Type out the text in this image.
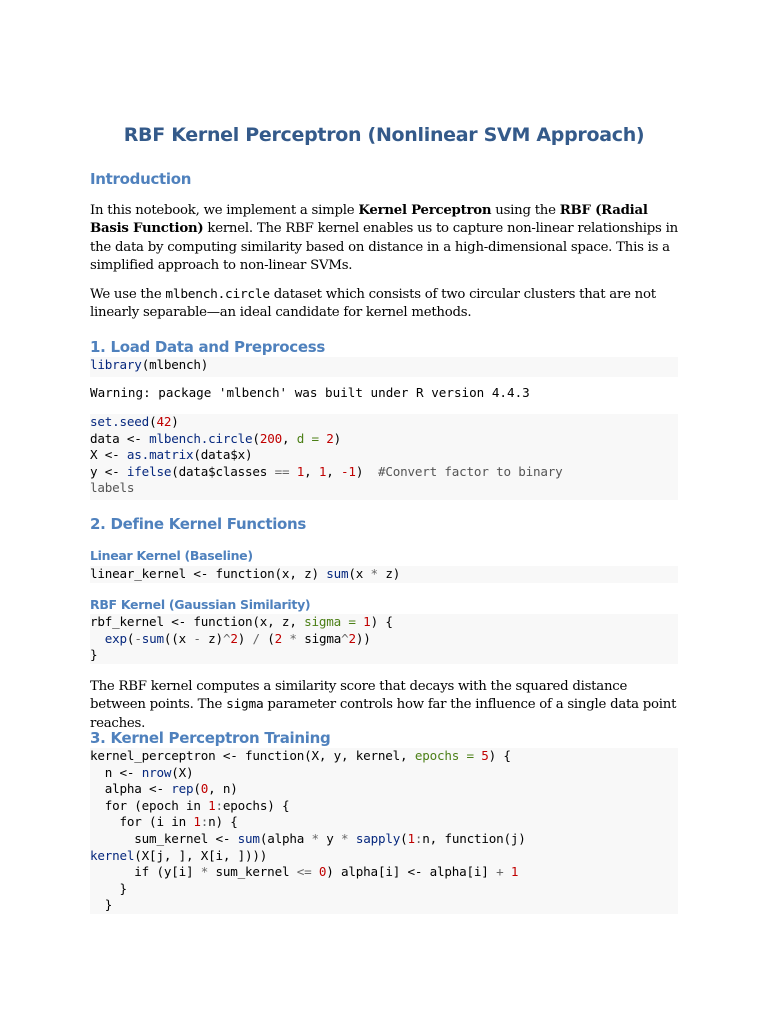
RBF Kernel Perceptron (Nonlinear SVM Approach)
Introduction
In this notebook, we implement a simple Kernel Perceptron using the RBF (Radial Basis Function) kernel. The RBF kernel enables us to capture non-linear relationships in the data by computing similarity based on distance in a high-dimensional space. This is a simplified approach to non-linear SVMs.
We use the mlbench.circle dataset which consists of two circular clusters that are not linearly separable—an ideal candidate for kernel methods.
1. Load Data and Preprocess
library(mlbench)
Warning: package 'mlbench' was built under R version 4.4.3
set.seed(42)
data <- mlbench.circle(200, d = 2)
X <- as.matrix(data$x)
y <- ifelse(data$classes == 1, 1, -1)  #Convert factor to binary
labels
2. Define Kernel Functions
Linear Kernel (Baseline)
linear_kernel <- function(x, z) sum(x * z)
RBF Kernel (Gaussian Similarity)
rbf_kernel <- function(x, z, sigma = 1) {
exp(-sum((x - z)^2) / (2 * sigma^2))
}
The RBF kernel computes a similarity score that decays with the squared distance between points. The sigma parameter controls how far the influence of a single data point reaches.
3. Kernel Perceptron Training
kernel_perceptron <- function(X, y, kernel, epochs = 5) {
n <- nrow(X)
alpha <- rep(0, n)
for (epoch in 1:epochs) {
for (i in 1:n) {
sum_kernel <- sum(alpha * y * sapply(1:n, function(j)
kernel(X[j, ], X[i, ])))
if (y[i] * sum_kernel <= 0) alpha[i] <- alpha[i] + 1
}
}
